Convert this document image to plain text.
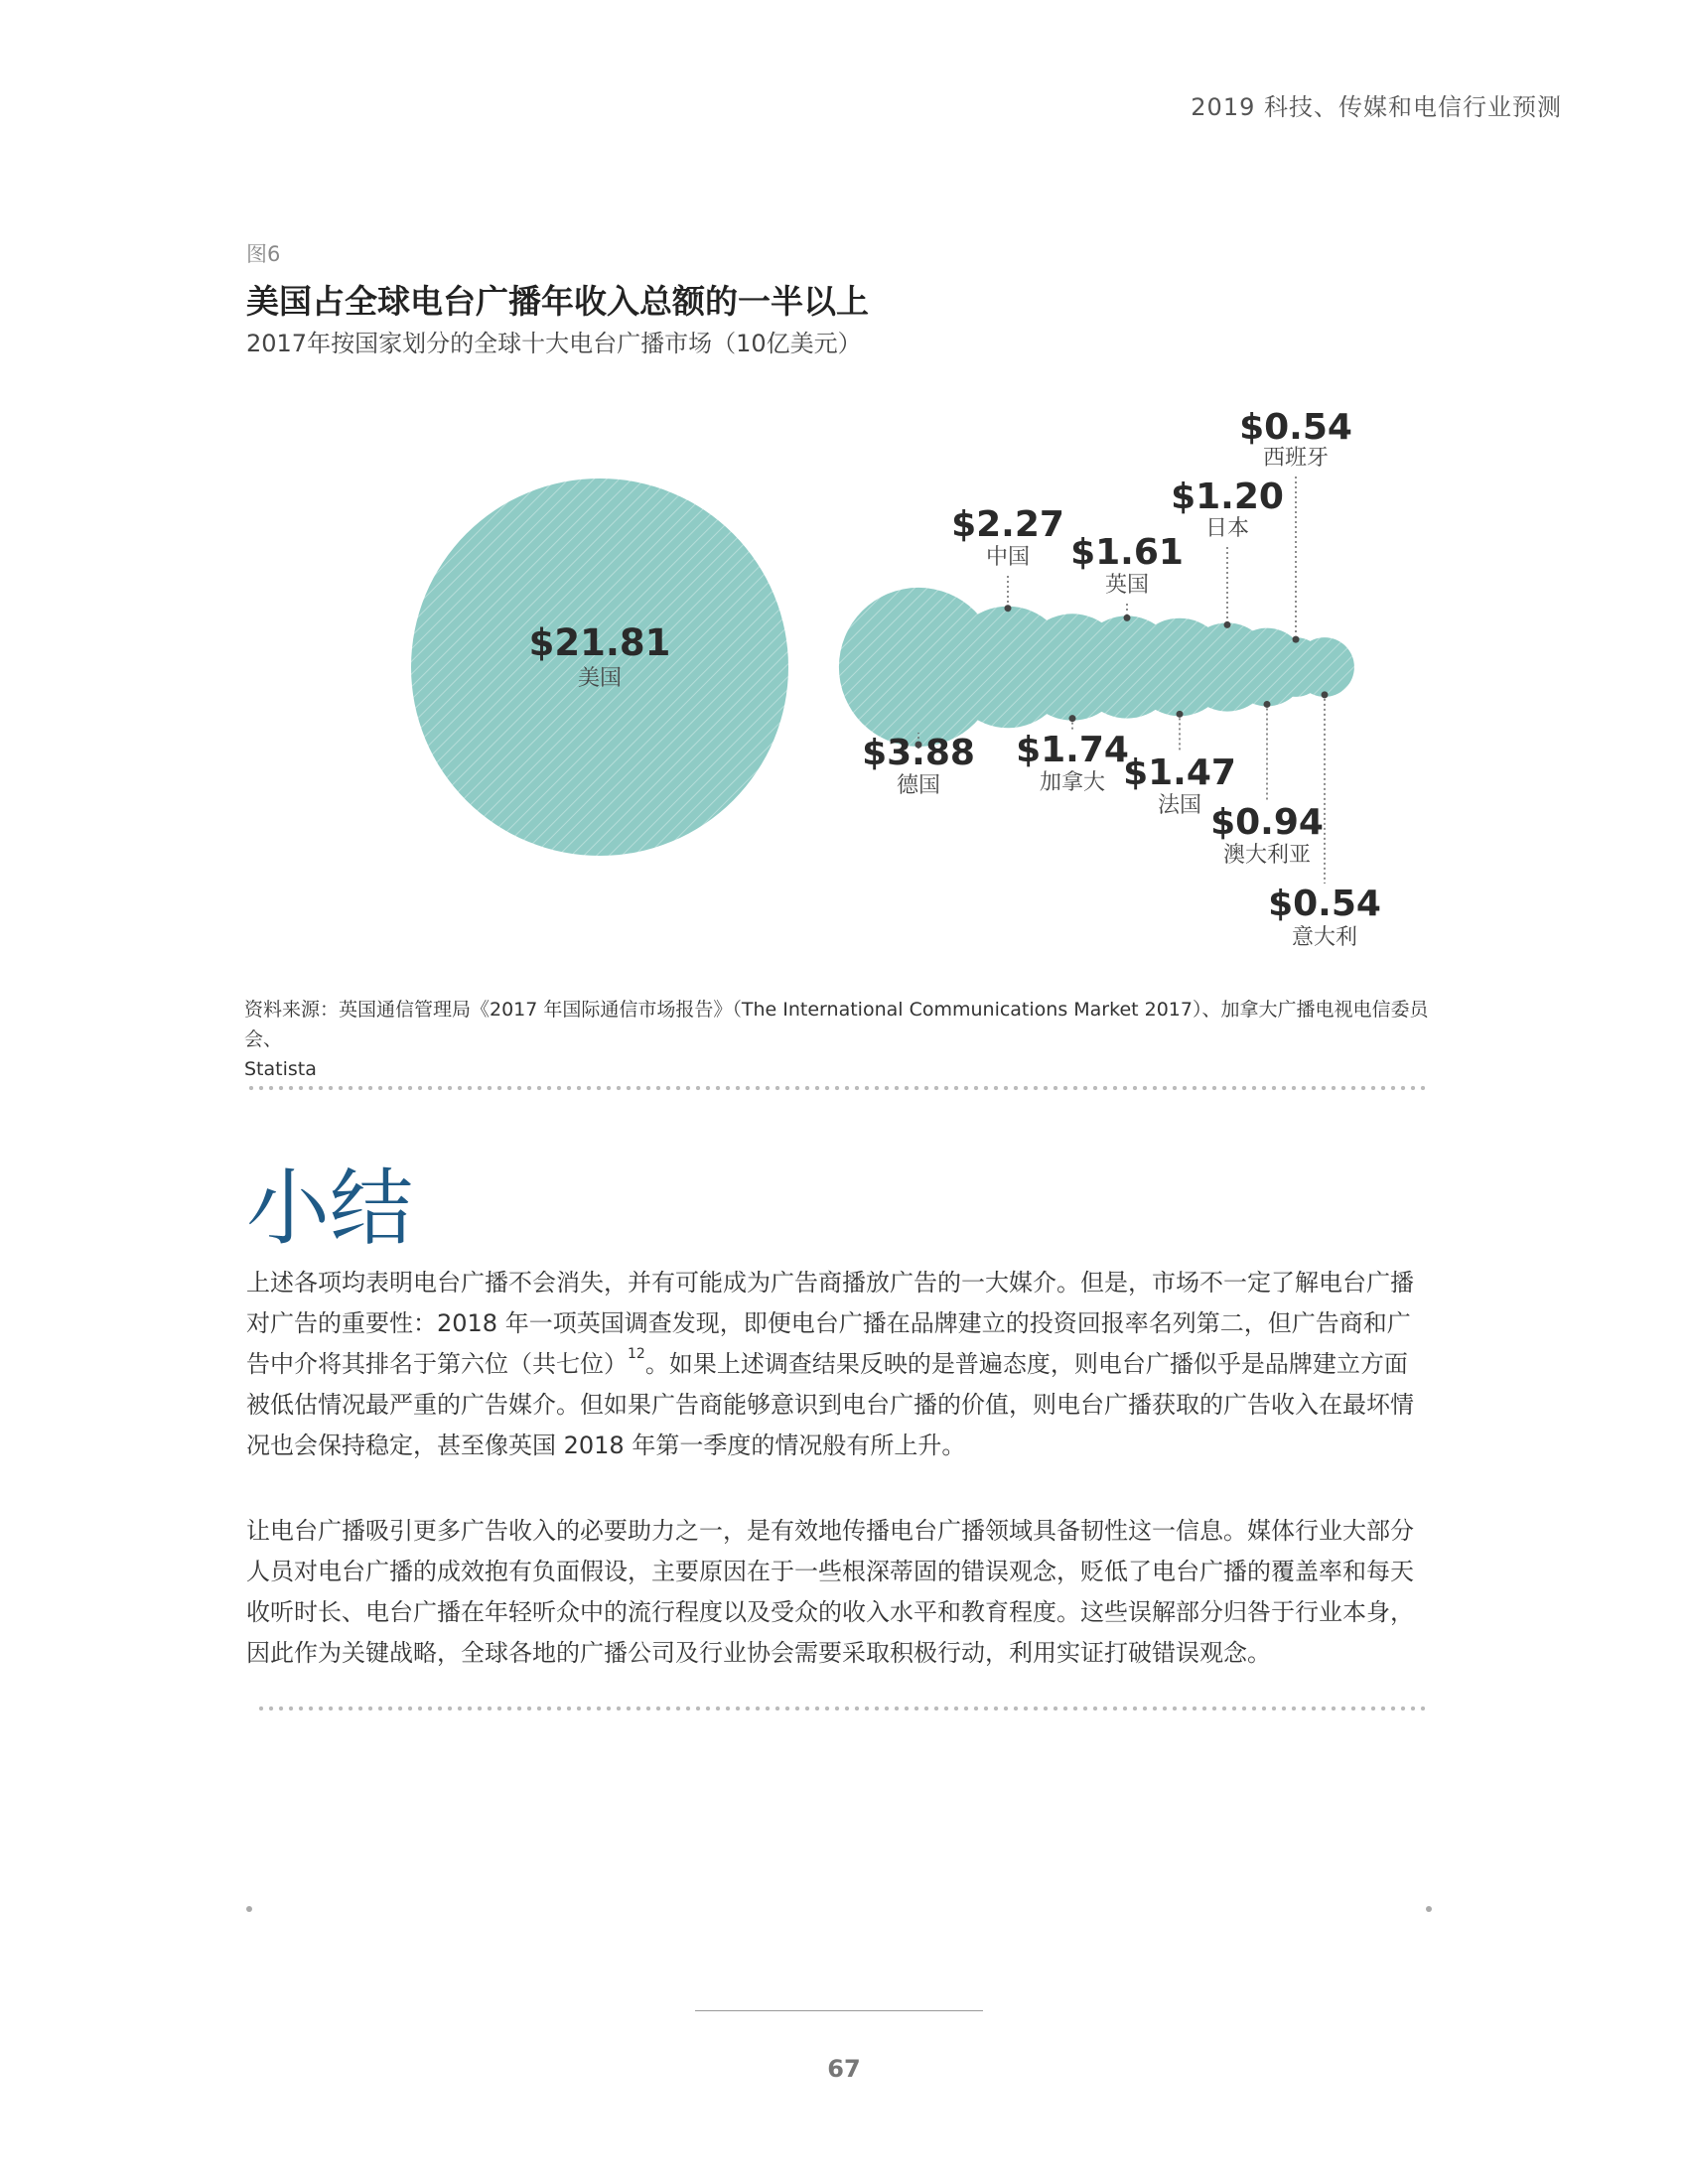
2019 科技、传媒和电信行业预测
图6
美国占全球电台广播年收入总额的一半以上
2017年按国家划分的全球十大电台广播市场（10亿美元）
$21.81
美国
$3.88
德国
$2.27
中国
$1.74
加拿大
$1.61
英国
$1.47
法国
$1.20
日本
$0.94
澳大利亚
$0.54
西班牙
$0.54
意大利
资料来源：英国通信管理局《2017 年国际通信市场报告》（The International Communications Market 2017）、加拿大广播电视电信委员会、
Statista
小结
上述各项均表明电台广播不会消失，并有可能成为广告商播放广告的一大媒介。但是，市场不一定了解电台广播
对广告的重要性：2018 年一项英国调查发现，即便电台广播在品牌建立的投资回报率名列第二，但广告商和广
告中介将其排名于第六位（共七位）$^{12}$。如果上述调查结果反映的是普遍态度，则电台广播似乎是品牌建立方面
被低估情况最严重的广告媒介。但如果广告商能够意识到电台广播的价值，则电台广播获取的广告收入在最坏情
况也会保持稳定，甚至像英国 2018 年第一季度的情况般有所上升。
让电台广播吸引更多广告收入的必要助力之一，是有效地传播电台广播领域具备韧性这一信息。媒体行业大部分
人员对电台广播的成效抱有负面假设，主要原因在于一些根深蒂固的错误观念，贬低了电台广播的覆盖率和每天
收听时长、电台广播在年轻听众中的流行程度以及受众的收入水平和教育程度。这些误解部分归咎于行业本身，
因此作为关键战略，全球各地的广播公司及行业协会需要采取积极行动，利用实证打破错误观念。
67
